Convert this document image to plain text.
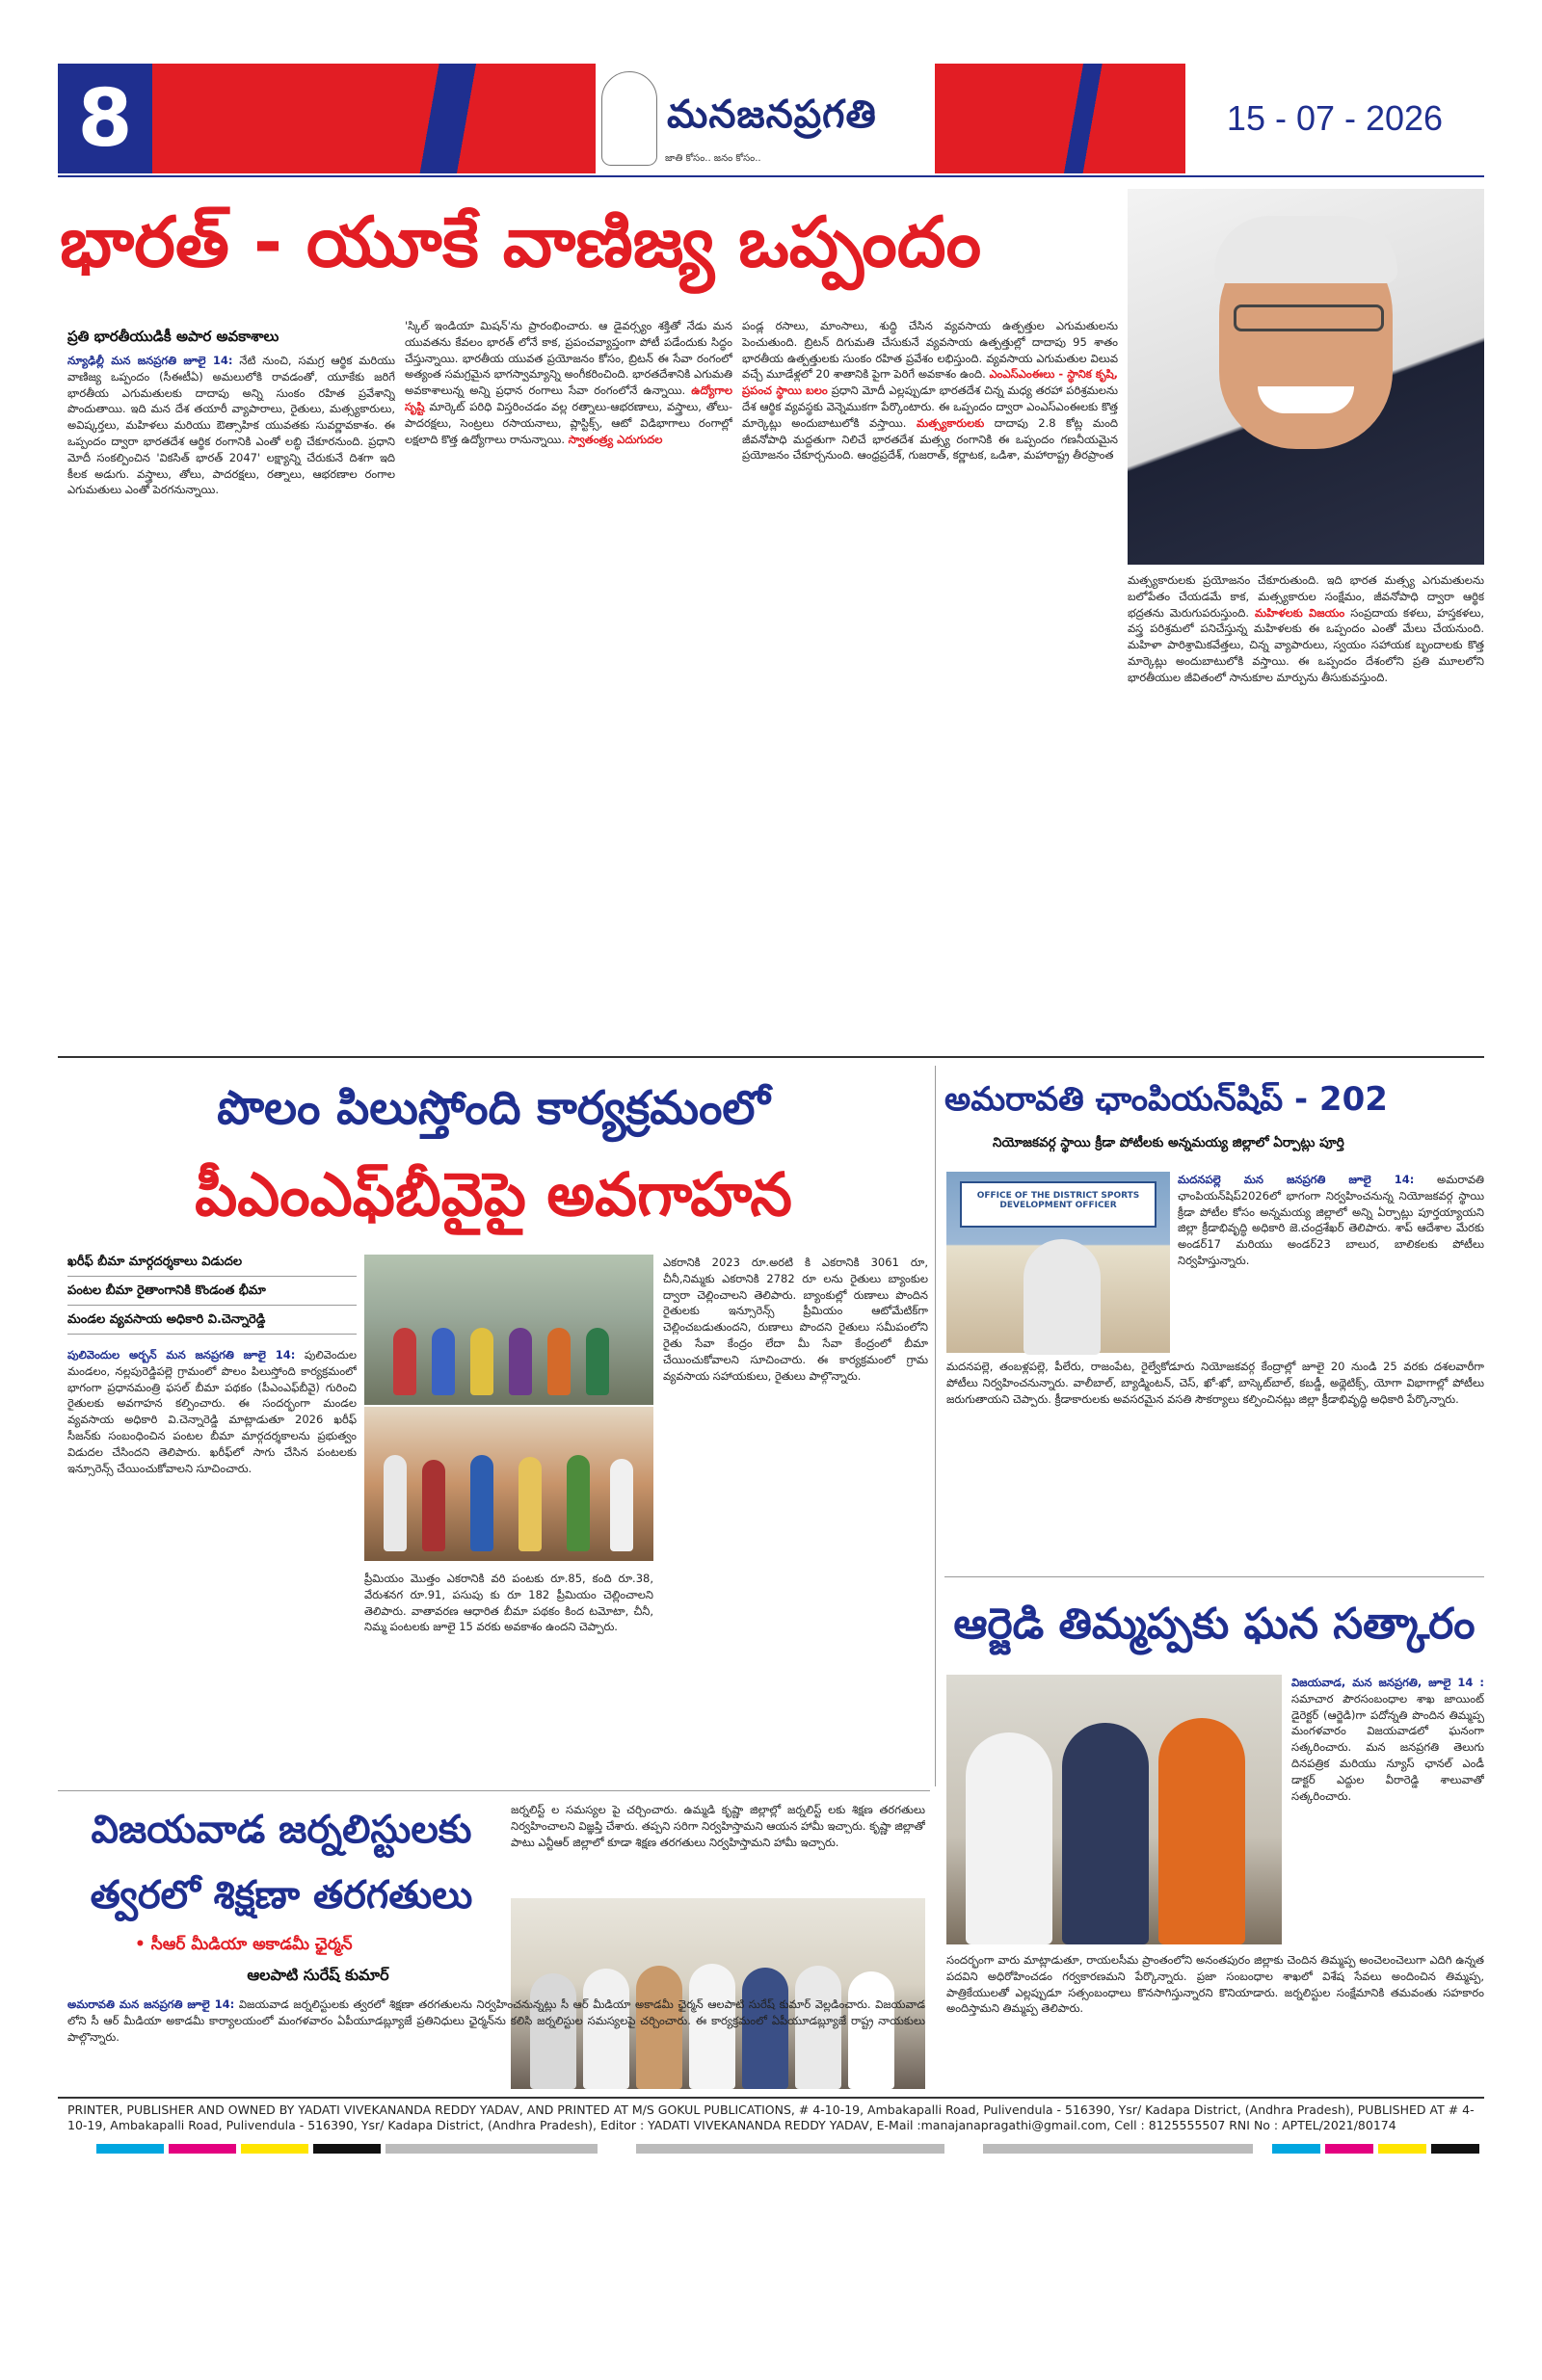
8	మనజనప్రగతి
జాతి కోసం.. జనం కోసం..
15 - 07 - 2026
భారత్ - యూకే వాణిజ్య ఒప్పందం
ప్రతి భారతీయుడికీ అపార అవకాశాలు
న్యూఢిల్లీ మన జనప్రగతి జూలై 14: నేటి నుంచి, సమగ్ర ఆర్థిక మరియు వాణిజ్య ఒప్పందం (సీఈటీఏ) అమలులోకి రావడంతో, యూకేకు జరిగే భారతీయ ఎగుమతులకు దాదాపు అన్ని సుంకం రహిత ప్రవేశాన్ని పొందుతాయి. ఇది మన దేశ తయారీ వ్యాపారాలు, రైతులు, మత్స్యకారులు, అవిష్కర్తలు, మహిళలు మరియు ఔత్సాహిక యువతకు సువర్ణావకాశం. ఈ ఒప్పందం ద్వారా భారతదేశ ఆర్థిక రంగానికి ఎంతో లబ్ధి చేకూరనుంది. ప్రధాని మోదీ సంకల్పించిన 'వికసిత్ భారత్ 2047' లక్ష్యాన్ని చేరుకునే దిశగా ఇది కీలక అడుగు. వస్త్రాలు, తోలు, పాదరక్షలు, రత్నాలు, ఆభరణాల రంగాల ఎగుమతులు ఎంతో పెరగనున్నాయి.
'స్కిల్ ఇండియా మిషన్'ను ప్రారంభించారు. ఆ డైవర్స్యం శక్తితో నేడు మన యువతను కేవలం భారత్ లోనే కాక, ప్రపంచవ్యాప్తంగా పోటీ పడేందుకు సిద్ధం చేస్తున్నాయి. భారతీయ యువత ప్రయోజనం కోసం, బ్రిటన్ ఈ సేవా రంగంలో అత్యంత సమగ్రమైన భాగస్వామ్యాన్ని అంగీకరించింది. భారతదేశానికి ఎగుమతి అవకాశాలున్న అన్ని ప్రధాన రంగాలు సేవా రంగంలోనే ఉన్నాయి. ఉద్యోగాల సృష్టి మార్కెట్ పరిధి విస్తరించడం వల్ల రత్నాలు-ఆభరణాలు, వస్త్రాలు, తోలు-పాదరక్షలు, సెంట్రలు రసాయనాలు, ప్లాస్టిక్స్, ఆటో విడిభాగాలు రంగాల్లో లక్షలాది కొత్త ఉద్యోగాలు రానున్నాయి. స్వాతంత్ర్య ఎదుగుదల
పండ్ల రసాలు, మాంసాలు, శుద్ధి చేసిన వ్యవసాయ ఉత్పత్తుల ఎగుమతులను పెంచుతుంది. బ్రిటన్ దిగుమతి చేసుకునే వ్యవసాయ ఉత్పత్తుల్లో దాదాపు 95 శాతం భారతీయ ఉత్పత్తులకు సుంకం రహిత ప్రవేశం లభిస్తుంది. వ్యవసాయ ఎగుమతుల విలువ వచ్చే మూడేళ్లలో 20 శాతానికి పైగా పెరిగే అవకాశం ఉంది. ఎంఎస్ఎంఈలు - స్థానిక కృషి, ప్రపంచ స్థాయి బలం ప్రధాని మోదీ ఎల్లప్పుడూ భారతదేశ చిన్న మధ్య తరహా పరిశ్రమలను దేశ ఆర్థిక వ్యవస్థకు వెన్నెముకగా పేర్కొంటారు. ఈ ఒప్పందం ద్వారా ఎంఎస్ఎంఈలకు కొత్త మార్కెట్లు అందుబాటులోకి వస్తాయి. మత్స్యకారులకు దాదాపు 2.8 కోట్ల మంది జీవనోపాధి మద్దతుగా నిలిచే భారతదేశ మత్స్య రంగానికి ఈ ఒప్పందం గణనీయమైన ప్రయోజనం చేకూర్చనుంది. ఆంధ్రప్రదేశ్, గుజరాత్, కర్ణాటక, ఒడిశా, మహారాష్ట్ర తీరప్రాంత
మత్స్యకారులకు ప్రయోజనం చేకూరుతుంది. ఇది భారత మత్స్య ఎగుమతులను బలోపేతం చేయడమే కాక, మత్స్యకారుల సంక్షేమం, జీవనోపాధి ద్వారా ఆర్థిక భద్రతను మెరుగుపరుస్తుంది. మహిళలకు విజయం సంప్రదాయ కళలు, హస్తకళలు, వస్త్ర పరిశ్రమలో పనిచేస్తున్న మహిళలకు ఈ ఒప్పందం ఎంతో మేలు చేయనుంది. మహిళా పారిశ్రామికవేత్తలు, చిన్న వ్యాపారులు, స్వయం సహాయక బృందాలకు కొత్త మార్కెట్లు అందుబాటులోకి వస్తాయి. ఈ ఒప్పందం దేశంలోని ప్రతి మూలలోని భారతీయుల జీవితంలో సానుకూల మార్పును తీసుకువస్తుంది.
పొలం పిలుస్తోంది కార్యక్రమంలో
పీఎంఎఫ్‌బీవైపై అవగాహన
ఖరీఫ్ బీమా మార్గదర్శకాలు విడుదల
పంటల బీమా రైతాంగానికి కొండంత భీమా
మండల వ్యవసాయ అధికారి వి.చెన్నారెడ్డి
పులివెందుల అర్బన్ మన జనప్రగతి జూలై 14: పులివెందుల మండలం, నల్లపురెడ్డిపల్లె గ్రామంలో పొలం పిలుస్తోంది కార్యక్రమంలో భాగంగా ప్రధానమంత్రి ఫసల్ బీమా పథకం (పీఎంఎఫ్‌బీవై) గురించి రైతులకు అవగాహన కల్పించారు. ఈ సందర్భంగా మండల వ్యవసాయ అధికారి వి.చెన్నారెడ్డి మాట్లాడుతూ 2026 ఖరీఫ్ సీజన్‌కు సంబంధించిన పంటల బీమా మార్గదర్శకాలను ప్రభుత్వం విడుదల చేసిందని తెలిపారు. ఖరీఫ్‌లో సాగు చేసిన పంటలకు ఇన్సూరెన్స్ చేయించుకోవాలని సూచించారు.
ప్రీమియం మొత్తం ఎకరానికి వరి పంటకు రూ.85, కంది రూ.38, వేరుశనగ రూ.91, పసుపు కు రూ 182 ప్రీమియం చెల్లించాలని తెలిపారు. వాతావరణ ఆధారిత బీమా పథకం కింద టమోటా, చీనీ, నిమ్మ పంటలకు జూలై 15 వరకు అవకాశం ఉందని చెప్పారు.
ఎకరానికి 2023 రూ.అరటి కి ఎకరానికి 3061 రూ, చీనీ,నిమ్మకు ఎకరానికి 2782 రూ లను రైతులు బ్యాంకుల ద్వారా చెల్లించాలని తెలిపారు. బ్యాంకుల్లో రుణాలు పొందిన రైతులకు ఇన్సూరెన్స్ ప్రీమియం ఆటోమేటిక్‌గా చెల్లించబడుతుందని, రుణాలు పొందని రైతులు సమీపంలోని రైతు సేవా కేంద్రం లేదా మీ సేవా కేంద్రంలో బీమా చేయించుకోవాలని సూచించారు. ఈ కార్యక్రమంలో గ్రామ వ్యవసాయ సహాయకులు, రైతులు పాల్గొన్నారు.
అమరావతి ఛాంపియన్‌షిప్ - 202
నియోజకవర్గ స్థాయి క్రీడా పోటీలకు అన్నమయ్య జిల్లాలో ఏర్పాట్లు పూర్తి
OFFICE OF THE DISTRICT SPORTS DEVELOPMENT OFFICER
మదనపల్లె మన జనప్రగతి జూలై 14: అమరావతి ఛాంపియన్‌షిప్2026లో భాగంగా నిర్వహించనున్న నియోజకవర్గ స్థాయి క్రీడా పోటీల కోసం అన్నమయ్య జిల్లాలో అన్ని ఏర్పాట్లు పూర్తయ్యాయని జిల్లా క్రీడాభివృద్ధి అధికారి జె.చంద్రశేఖర్ తెలిపారు. శాప్ ఆదేశాల మేరకు అండర్17 మరియు అండర్23 బాలుర, బాలికలకు పోటీలు నిర్వహిస్తున్నారు.
మదనపల్లె, తంబళ్లపల్లె, పీలేరు, రాజంపేట, రైల్వేకోడూరు నియోజకవర్గ కేంద్రాల్లో జూలై 20 నుండి 25 వరకు దశలవారీగా పోటీలు నిర్వహించనున్నారు. వాలీబాల్, బ్యాడ్మింటన్, చెస్, ఖో-ఖో, బాస్కెట్‌బాల్, కబడ్డీ, అథ్లెటిక్స్, యోగా విభాగాల్లో పోటీలు జరుగుతాయని చెప్పారు. క్రీడాకారులకు అవసరమైన వసతి సౌకర్యాలు కల్పించినట్లు జిల్లా క్రీడాభివృద్ధి అధికారి పేర్కొన్నారు.
ఆర్జెడి తిమ్మప్పకు ఘన సత్కారం
విజయవాడ, మన జనప్రగతి, జూలై 14 : సమాచార పౌరసంబంధాల శాఖ జాయింట్ డైరెక్టర్ (ఆర్జెడి)గా పదోన్నతి పొందిన తిమ్మప్ప మంగళవారం విజయవాడలో ఘనంగా సత్కరించారు. మన జనప్రగతి తెలుగు దినపత్రిక మరియు న్యూస్ ఛానల్ ఎండీ డాక్టర్ ఎద్దుల వీరారెడ్డి శాలువాతో సత్కరించారు.
సందర్భంగా వారు మాట్లాడుతూ, రాయలసీమ ప్రాంతంలోని అనంతపురం జిల్లాకు చెందిన తిమ్మప్ప అంచెలంచెలుగా ఎదిగి ఉన్నత పదవిని అధిరోహించడం గర్వకారణమని పేర్కొన్నారు. ప్రజా సంబంధాల శాఖలో విశేష సేవలు అందించిన తిమ్మప్ప, పాత్రికేయులతో ఎల్లప్పుడూ సత్సంబంధాలు కొనసాగిస్తున్నారని కొనియాడారు. జర్నలిస్టుల సంక్షేమానికి తమవంతు సహకారం అందిస్తామని తిమ్మప్ప తెలిపారు.
విజయవాడ జర్నలిస్టులకు
త్వరలో శిక్షణా తరగతులు
• సీఆర్ మీడియా అకాడమీ ఛైర్మన్
ఆలపాటి సురేష్ కుమార్
జర్నలిస్ట్ ల సమస్యల పై చర్చించారు. ఉమ్మడి కృష్ణా జిల్లాల్లో జర్నలిస్ట్ లకు శిక్షణ తరగతులు నిర్వహించాలని విజ్ఞప్తి చేశారు. తప్పని సరిగా నిర్వహిస్తామని ఆయన హామీ ఇచ్చారు. కృష్ణా జిల్లాతో పాటు ఎన్టీఆర్ జిల్లాలో కూడా శిక్షణ తరగతులు నిర్వహిస్తామని హామీ ఇచ్చారు.
అమరావతి మన జనప్రగతి జూలై 14: విజయవాడ జర్నలిస్టులకు త్వరలో శిక్షణా తరగతులను నిర్వహించనున్నట్లు సీ ఆర్ మీడియా అకాడమీ ఛైర్మన్ ఆలపాటి సురేష్ కుమార్ వెల్లడించారు. విజయవాడ లోని సీ ఆర్ మీడియా అకాడమీ కార్యాలయంలో మంగళవారం ఏపీయూడబ్ల్యూజే ప్రతినిధులు ఛైర్మన్‌ను కలిసి జర్నలిస్టుల సమస్యలపై చర్చించారు. ఈ కార్యక్రమంలో ఏపీయూడబ్ల్యూజే రాష్ట్ర నాయకులు పాల్గొన్నారు.
PRINTER, PUBLISHER AND OWNED BY YADATI VIVEKANANDA REDDY YADAV, AND PRINTED AT M/S GOKUL PUBLICATIONS, # 4-10-19, Ambakapalli Road, Pulivendula - 516390, Ysr/ Kadapa District, (Andhra Pradesh), PUBLISHED AT # 4-10-19, Ambakapalli Road, Pulivendula - 516390, Ysr/ Kadapa District, (Andhra Pradesh), Editor : YADATI VIVEKANANDA REDDY YADAV, E-Mail :manajanapragathi@gmail.com, Cell : 8125555507 RNI No : APTEL/2021/80174
